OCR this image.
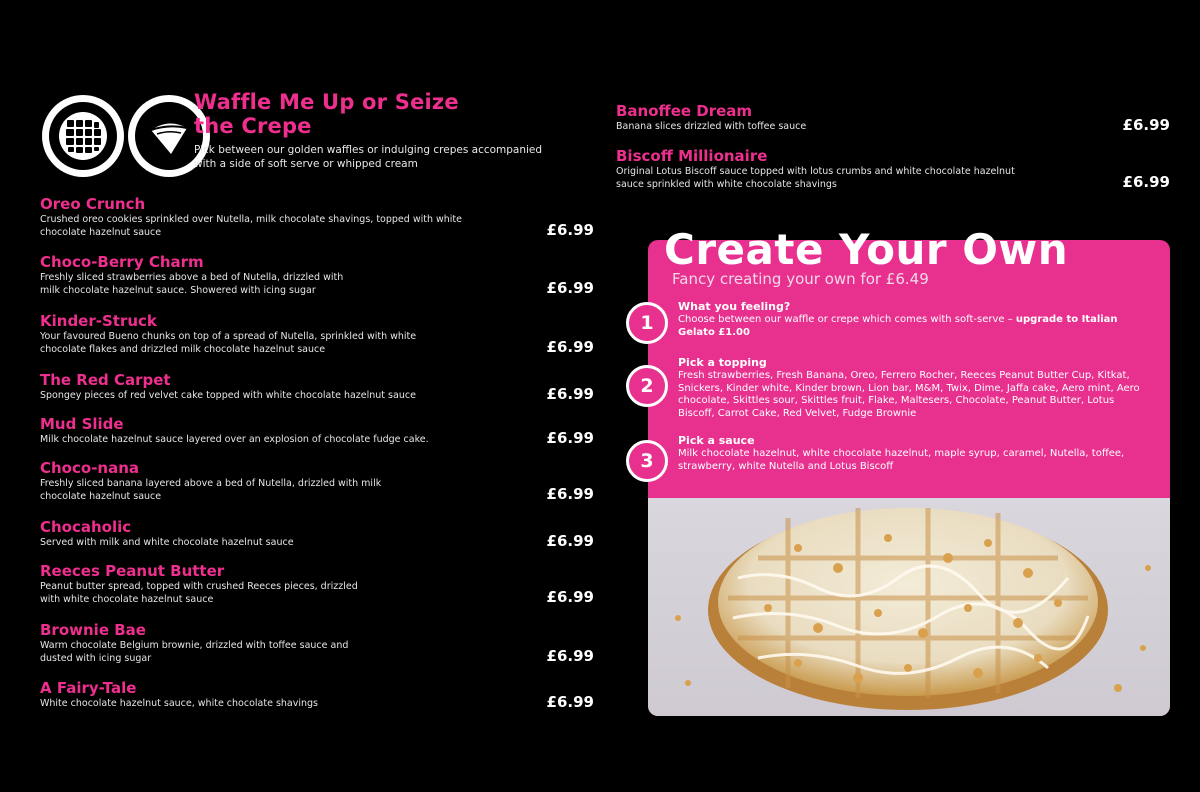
Waffle Me Up or Seize the Crepe
Pick between our golden waffles or indulging crepes accompanied with a side of soft serve or whipped cream
Oreo Crunch
Crushed oreo cookies sprinkled over Nutella, milk chocolate shavings, topped with white chocolate hazelnut sauce	£6.99
Choco-Berry Charm
Freshly sliced strawberries above a bed of Nutella, drizzled with milk chocolate hazelnut sauce. Showered with icing sugar	£6.99
Kinder-Struck
Your favoured Bueno chunks on top of a spread of Nutella, sprinkled with white chocolate flakes and drizzled milk chocolate hazelnut sauce	£6.99
The Red Carpet
Spongey pieces of red velvet cake topped with white chocolate hazelnut sauce	£6.99
Mud Slide
Milk chocolate hazelnut sauce layered over an explosion of chocolate fudge cake.	£6.99
Choco-nana
Freshly sliced banana layered above a bed of Nutella, drizzled with milk chocolate hazelnut sauce	£6.99
Chocaholic
Served with milk and white chocolate hazelnut sauce	£6.99
Reeces Peanut Butter
Peanut butter spread, topped with crushed Reeces pieces, drizzled with white chocolate hazelnut sauce	£6.99
Brownie Bae
Warm chocolate Belgium brownie, drizzled with toffee sauce and dusted with icing sugar	£6.99
A Fairy-Tale
White chocolate hazelnut sauce, white chocolate shavings	£6.99
Banoffee Dream
Banana slices drizzled with toffee sauce	£6.99
Biscoff Millionaire
Original Lotus Biscoff sauce topped with lotus crumbs and white chocolate hazelnut sauce sprinkled with white chocolate shavings	£6.99
Create Your Own
Fancy creating your own for £6.49
1
What you feeling?
Choose between our waffle or crepe which comes with soft-serve – upgrade to Italian Gelato £1.00
2
Pick a topping
Fresh strawberries, Fresh Banana, Oreo, Ferrero Rocher, Reeces Peanut Butter Cup, Kitkat, Snickers, Kinder white, Kinder brown, Lion bar, M&M, Twix, Dime, Jaffa cake, Aero mint, Aero chocolate, Skittles sour, Skittles fruit, Flake, Maltesers, Chocolate, Peanut Butter, Lotus Biscoff, Carrot Cake, Red Velvet, Fudge Brownie
3
Pick a sauce
Milk chocolate hazelnut, white chocolate hazelnut, maple syrup, caramel, Nutella, toffee, strawberry, white Nutella and Lotus Biscoff
